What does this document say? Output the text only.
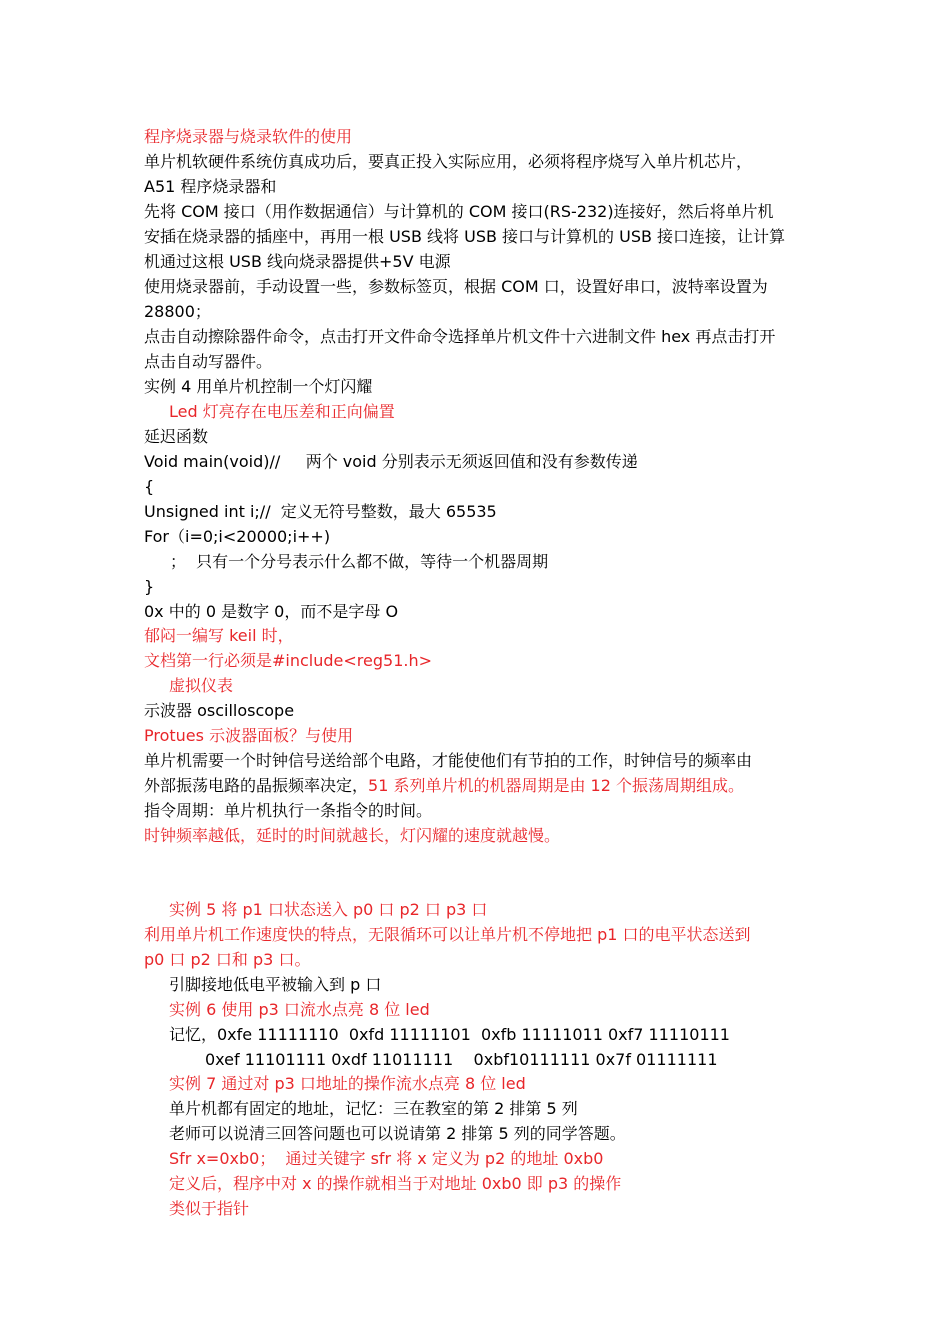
程序烧录器与烧录软件的使用
单片机软硬件系统仿真成功后，要真正投入实际应用，必须将程序烧写入单片机芯片，
A51 程序烧录器和
先将 COM 接口（用作数据通信）与计算机的 COM 接口(RS-232)连接好，然后将单片机
安插在烧录器的插座中，再用一根 USB 线将 USB 接口与计算机的 USB 接口连接，让计算
机通过这根 USB 线向烧录器提供+5V 电源
使用烧录器前，手动设置一些，参数标签页，根据 COM 口，设置好串口，波特率设置为
28800；
点击自动擦除器件命令，点击打开文件命令选择单片机文件十六进制文件 hex 再点击打开
点击自动写器件。
实例 4 用单片机控制一个灯闪耀
Led 灯亮存在电压差和正向偏置
延迟函数
Void main(void)//     两个 void 分别表示无须返回值和没有参数传递
{
Unsigned int i;//  定义无符号整数，最大 65535
For（i=0;i<20000;i++)
；  只有一个分号表示什么都不做，等待一个机器周期
}
0x 中的 0 是数字 0，而不是字母 O
郁闷一编写 keil 时，
文档第一行必须是#include<reg51.h>
虚拟仪表
示波器 oscilloscope
Protues 示波器面板？与使用
单片机需要一个时钟信号送给部个电路，才能使他们有节拍的工作，时钟信号的频率由
外部振荡电路的晶振频率决定，51 系列单片机的机器周期是由 12 个振荡周期组成。
指令周期：单片机执行一条指令的时间。
时钟频率越低，延时的时间就越长，灯闪耀的速度就越慢。
实例 5 将 p1 口状态送入 p0 口 p2 口 p3 口
利用单片机工作速度快的特点，无限循环可以让单片机不停地把 p1 口的电平状态送到
p0 口 p2 口和 p3 口。
引脚接地低电平被输入到 p 口
实例 6 使用 p3 口流水点亮 8 位 led
记忆，0xfe 11111110  0xfd 11111101  0xfb 11111011 0xf7 11110111
0xef 11101111 0xdf 11011111    0xbf10111111 0x7f 01111111
实例 7 通过对 p3 口地址的操作流水点亮 8 位 led
单片机都有固定的地址，记忆：三在教室的第 2 排第 5 列
老师可以说清三回答问题也可以说请第 2 排第 5 列的同学答题。
Sfr x=0xb0；  通过关键字 sfr 将 x 定义为 p2 的地址 0xb0
定义后，程序中对 x 的操作就相当于对地址 0xb0 即 p3 的操作
类似于指针
